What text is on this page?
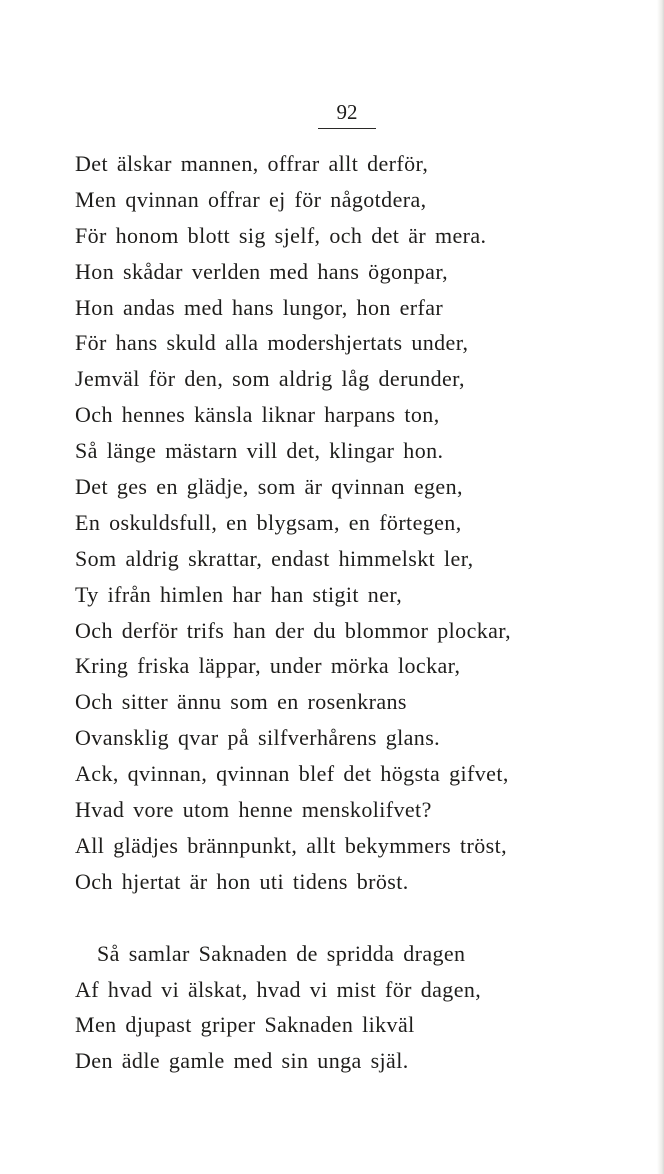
92
Det älskar mannen, offrar allt derför,
Men qvinnan offrar ej för någotdera,
För honom blott sig sjelf, och det är mera.
Hon skådar verlden med hans ögonpar,
Hon andas med hans lungor, hon erfar
För hans skuld alla modershjertats under,
Jemväl för den, som aldrig låg derunder,
Och hennes känsla liknar harpans ton,
Så länge mästarn vill det, klingar hon.
Det ges en glädje, som är qvinnan egen,
En oskuldsfull, en blygsam, en förtegen,
Som aldrig skrattar, endast himmelskt ler,
Ty ifrån himlen har han stigit ner,
Och derför trifs han der du blommor plockar,
Kring friska läppar, under mörka lockar,
Och sitter ännu som en rosenkrans
Ovansklig qvar på silfverhårens glans.
Ack, qvinnan, qvinnan blef det högsta gifvet,
Hvad vore utom henne menskolifvet?
All glädjes brännpunkt, allt bekymmers tröst,
Och hjertat är hon uti tidens bröst.
Så samlar Saknaden de spridda dragen
Af hvad vi älskat, hvad vi mist för dagen,
Men djupast griper Saknaden likväl
Den ädle gamle med sin unga själ.
